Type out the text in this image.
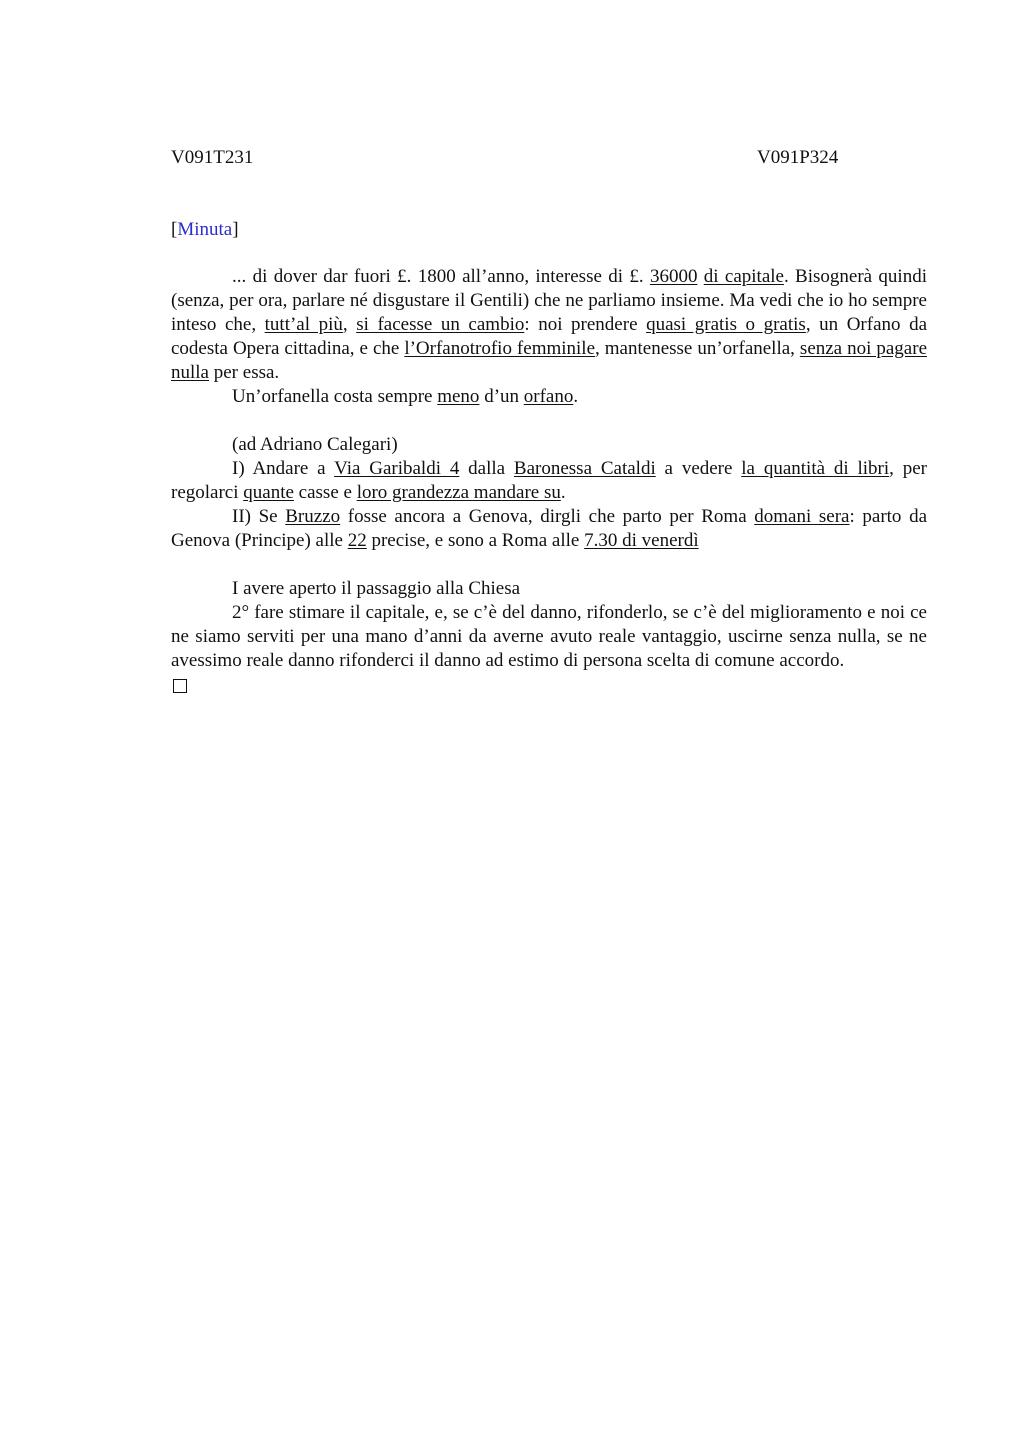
V091T231	V091P324
[Minuta]

... di dover dar fuori £. 1800 all’anno, interesse di £. 36000 di capitale. Bisognerà quindi (senza, per ora, parlare né disgustare il Gentili) che ne parliamo insieme. Ma vedi che io ho sempre inteso che, tutt’al più, si facesse un cambio: noi prendere quasi gratis o gratis, un Orfano da codesta Opera cittadina, e che l’Orfanotrofio femminile, mantenesse un’orfanella, senza noi pagare nulla per essa.

Un’orfanella costa sempre meno d’un orfano.

(ad Adriano Calegari)

I) Andare a Via Garibaldi 4 dalla Baronessa Cataldi a vedere la quantità di libri, per regolarci quante casse e loro grandezza mandare su.

II) Se Bruzzo fosse ancora a Genova, dirgli che parto per Roma domani sera: parto da Genova (Principe) alle 22 precise, e sono a Roma alle 7.30 di venerdì

I avere aperto il passaggio alla Chiesa

2° fare stimare il capitale, e, se c’è del danno, rifonderlo, se c’è del miglioramento e noi ce ne siamo serviti per una mano d’anni da averne avuto reale vantaggio, uscirne senza nulla, se ne avessimo reale danno rifonderci il danno ad estimo di persona scelta di comune accordo.
